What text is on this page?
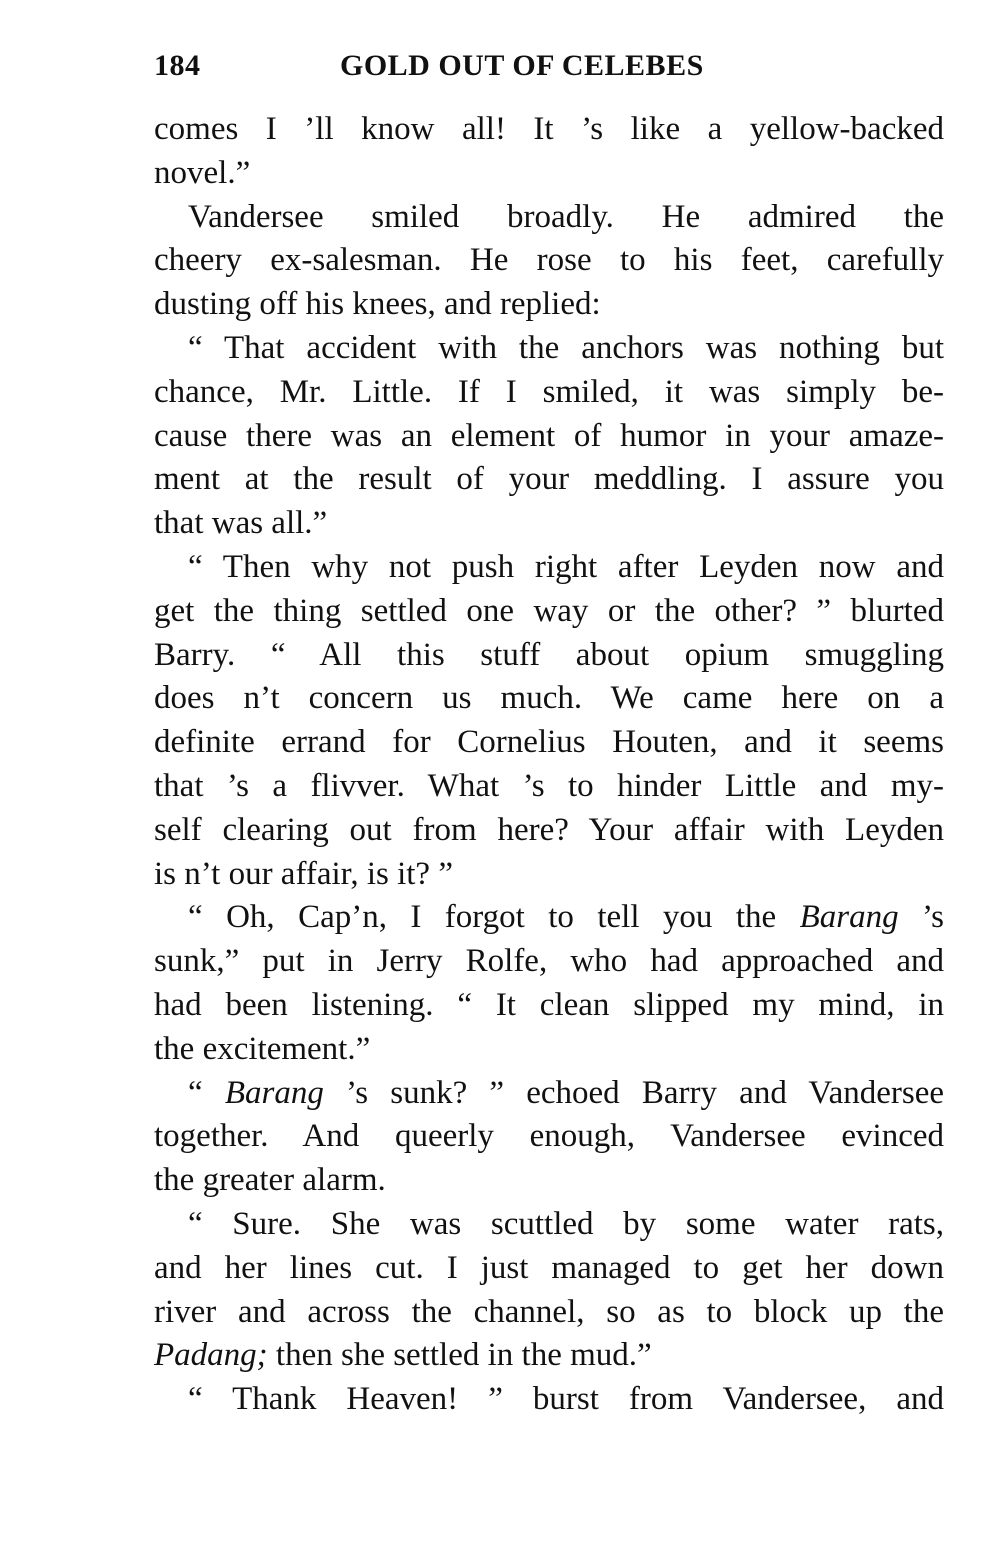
184	GOLD OUT OF CELEBES
comes I ’ll know all! It ’s like a yellow-backed
novel.”
Vandersee smiled broadly. He admired the
cheery ex-salesman. He rose to his feet, carefully
dusting off his knees, and replied:
“ That accident with the anchors was nothing but
chance, Mr. Little. If I smiled, it was simply be-
cause there was an element of humor in your amaze-
ment at the result of your meddling. I assure you
that was all.”
“ Then why not push right after Leyden now and
get the thing settled one way or the other? ” blurted
Barry. “ All this stuff about opium smuggling
does n’t concern us much. We came here on a
definite errand for Cornelius Houten, and it seems
that ’s a flivver. What ’s to hinder Little and my-
self clearing out from here? Your affair with Leyden
is n’t our affair, is it? ”
“ Oh, Cap’n, I forgot to tell you the Barang ’s
sunk,” put in Jerry Rolfe, who had approached and
had been listening. “ It clean slipped my mind, in
the excitement.”
“ Barang ’s sunk? ” echoed Barry and Vandersee
together. And queerly enough, Vandersee evinced
the greater alarm.
“ Sure. She was scuttled by some water rats,
and her lines cut. I just managed to get her down
river and across the channel, so as to block up the
Padang; then she settled in the mud.”
“ Thank Heaven! ” burst from Vandersee, and
